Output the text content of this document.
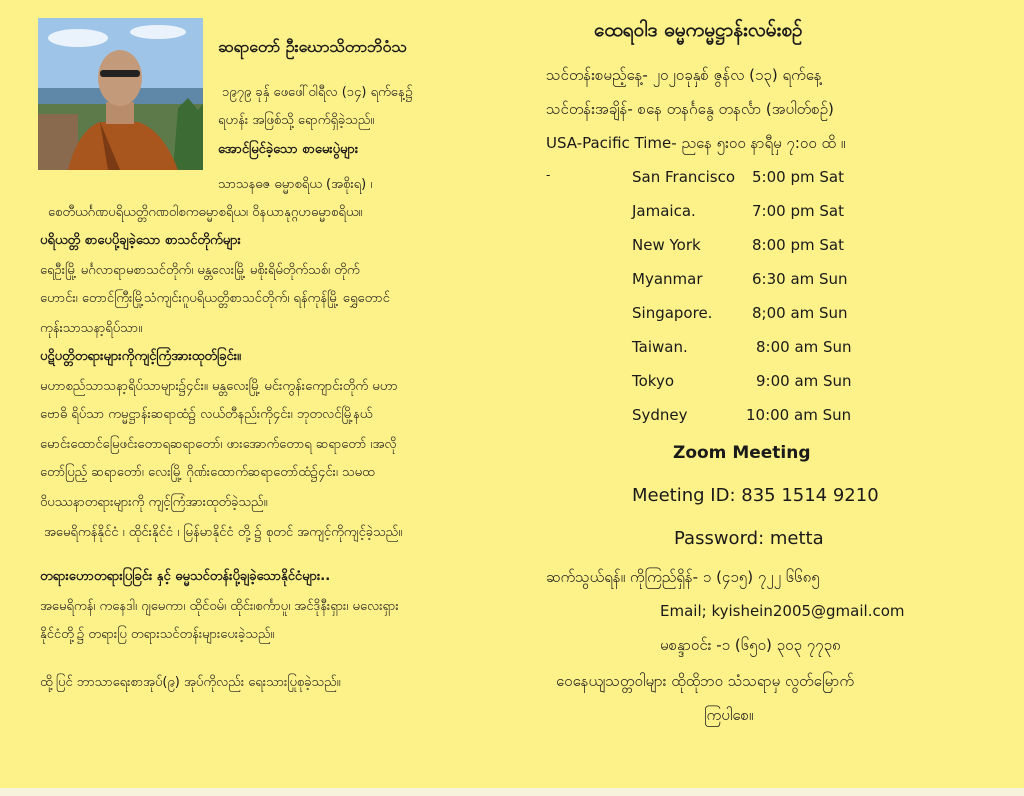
ဆရာတော် ဦးဃောသိတာဘိဝံသ
၁၉၇၉ ခုနှ် ဖေဖေါ်ဝါရီလ (၁၄) ရက်နေ့၌
ရဟန်း အဖြစ်သို့ ရောက်ရှိခဲ့သည်။
အောင်မြင်ခဲ့သော စာမေးပွဲများ
သာသနဓဇ ဓမ္မာစရိယ (အစိုးရ) ၊
စေတီယင်္ဂဏပရိယတ္တိဂဏဝါစကဓမ္မာစရိယ၊ ဝိနယာနုဂ္ဂဟဓမ္မာစရိယ။
ပရိယတ္တိ စာပေပို့ချခဲ့သော စာသင်တိုက်များ
ရေဦးမြို့ မင်္ဂလာရာမစာသင်တိုက်၊ မန္တလေးမြို့ မစိုးရိမ်တိုက်သစ်၊ တိုက်
ဟောင်း၊ တောင်ကြီးမြို့သံကျင်းဂူပရိယတ္တိစာသင်တိုက်၊ ရန်ကုန်မြို့ ရွှေတောင်
ကုန်းသာသနာ့ရိပ်သာ။
ပဋိပတ္တိတရားများကိုကျင့်ကြံအားထုတ်ခြင်း။
မဟာစည်သာသနာ့ရိပ်သာများ၌၄င်း။ မန္တလေးမြို့ မင်းကွန်းကျောင်းတိုက် မဟာ
ဗောဓိ ရိပ်သာ ကမ္မဋ္ဌာန်းဆရာထံ၌ လယ်တီနည်းကို၄င်း၊ ဘုတလင်မြို့နယ်
မောင်းထောင်မြေဖင်းတောရဆရာတော်၊ ဖားအောက်တောရ ဆရာတော် ၊အလို
တော်ပြည့် ဆရာတော်၊ လေးမြို့ ဂိုဏ်းထောက်ဆရာတော်ထံ၌၄င်း၊ သမထ
ဝိပဿနာတရားများကို ကျင့်ကြံအားထုတ်ခဲ့သည်။
အမေရိကန်နိုင်ငံ ၊ ထိုင်းနိုင်ငံ ၊ မြန်မာနိုင်ငံ တို့ ၌ စုတင် အကျင့်ကိုကျင့်ခဲ့သည်။
တရားဟောတရားပြခြင်း နှင့် ဓမ္မသင်တန်းပို့ချခဲ့သောနိုင်ငံများ..
အမေရိကန်၊ ကနေဒါ၊ ဂျမေကာ၊ ထိုင်ဝမ်၊ ထိုင်း၊စင်္ကာပူ၊ အင်ဒိုနီးရှား၊ မလေးရှား
နိုင်ငံတို့၌ တရားပြ တရားသင်တန်းများပေးခဲ့သည်။
ထို့ပြင် ဘာသာရေးစာအုပ်(၉) အုပ်ကိုလည်း ရေးသားပြုစုခဲ့သည်။
ထေရဝါဒ ဓမ္မကမ္မဋ္ဌာန်းလမ်းစဥ်
သင်တန်းစမည့်နေ့- ၂၀၂၀ခုနှစ် ဇွန်လ (၁၃) ရက်နေ့
သင်တန်းအချိန်- စနေ တနင်္ဂနွေ တနင်္လာ (အပါတ်စဥ်)
USA-Pacific Time- ညနေ ၅း၀၀ နာရီမှ ၇:၀၀ ထိ ။
-	San Francisco 5:00 pm Sat
Jamaica.	7:00 pm Sat
New York	8:00 pm Sat
Myanmar	6:30 am Sun
Singapore.	8;00 am Sun
Taiwan.	8:00 am Sun
Tokyo	9:00 am Sun
Sydney	10:00 am Sun
Zoom Meeting
Meeting ID: 835 1514 9210
Password: metta
ဆက်သွယ်ရန်။ ကိုကြည်ရှိန်- ၁ (၄၁၅) ၇၂၂ ၆၆၈၅
Email; kyishein2005@gmail.com
မစန္ဒာဝင်း -၁ (၆၅၀) ၃၀၃ ၇၇၃၈
ဝေနေယျသတ္တဝါများ ထိုထိုဘဝ သံသရာမှ လွတ်မြောက်
ကြပါစေ။
